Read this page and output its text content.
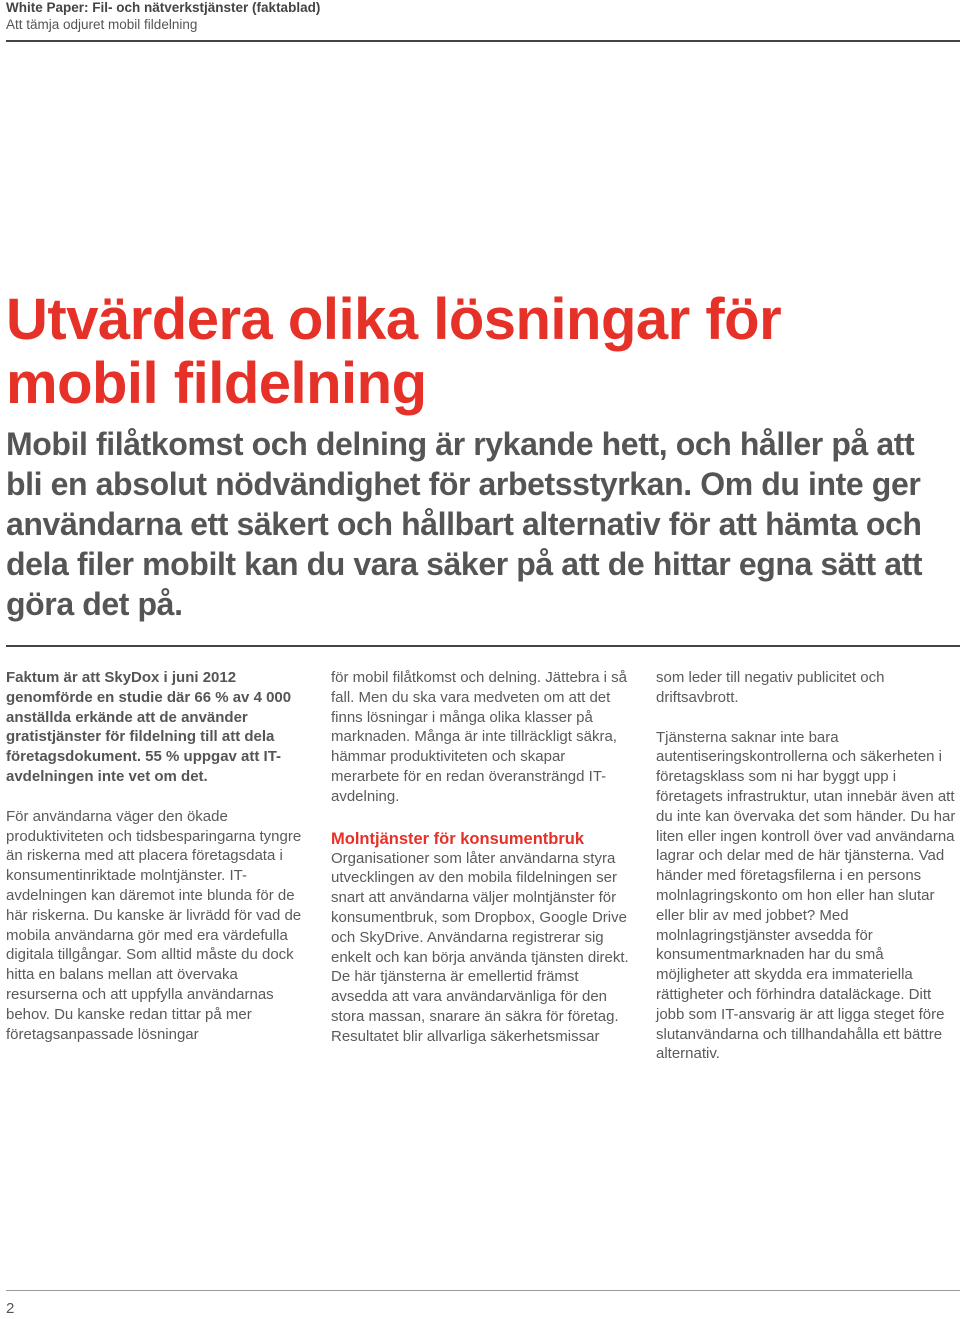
White Paper: Fil- och nätverkstjänster (faktablad)
Att tämja odjuret mobil fildelning
Utvärdera olika lösningar för mobil fildelning

Mobil filåtkomst och delning är rykande hett, och håller på att bli en absolut nödvändighet för arbetsstyrkan. Om du inte ger användarna ett säkert och hållbart alternativ för att hämta och dela filer mobilt kan du vara säker på att de hittar egna sätt att göra det på.

Faktum är att SkyDox i juni 2012 genomförde en studie där 66 % av 4 000 anställda erkände att de använder gratistjänster för fildelning till att dela företagsdokument. 55 % uppgav att IT-avdelningen inte vet om det.

För användarna väger den ökade produktiviteten och tidsbesparingarna tyngre än riskerna med att placera företagsdata i konsumentinriktade molntjänster. IT-avdelningen kan däremot inte blunda för de här riskerna. Du kanske är livrädd för vad de mobila användarna gör med era värdefulla digitala tillgångar. Som alltid måste du dock hitta en balans mellan att övervaka resurserna och att uppfylla användarnas behov. Du kanske redan tittar på mer företagsanpassade lösningar

för mobil filåtkomst och delning. Jättebra i så fall. Men du ska vara medveten om att det finns lösningar i många olika klasser på marknaden. Många är inte tillräckligt säkra, hämmar produktiviteten och skapar merarbete för en redan överansträngd IT-avdelning.

Molntjänster för konsumentbruk

Organisationer som låter användarna styra utvecklingen av den mobila fildelningen ser snart att användarna väljer molntjänster för konsumentbruk, som Dropbox, Google Drive och SkyDrive. Användarna registrerar sig enkelt och kan börja använda tjänsten direkt. De här tjänsterna är emellertid främst avsedda att vara användarvänliga för den stora massan, snarare än säkra för företag. Resultatet blir allvarliga säkerhetsmissar

som leder till negativ publicitet och driftsavbrott.

Tjänsterna saknar inte bara autentiseringskontrollerna och säkerheten i företagsklass som ni har byggt upp i företagets infrastruktur, utan innebär även att du inte kan övervaka det som händer. Du har liten eller ingen kontroll över vad användarna lagrar och delar med de här tjänsterna. Vad händer med företagsfilerna i en persons molnlagringskonto om hon eller han slutar eller blir av med jobbet? Med molnlagringstjänster avsedda för konsumentmarknaden har du små möjligheter att skydda era immateriella rättigheter och förhindra dataläckage. Ditt jobb som IT-ansvarig är att ligga steget före slutanvändarna och tillhandahålla ett bättre alternativ.

2
